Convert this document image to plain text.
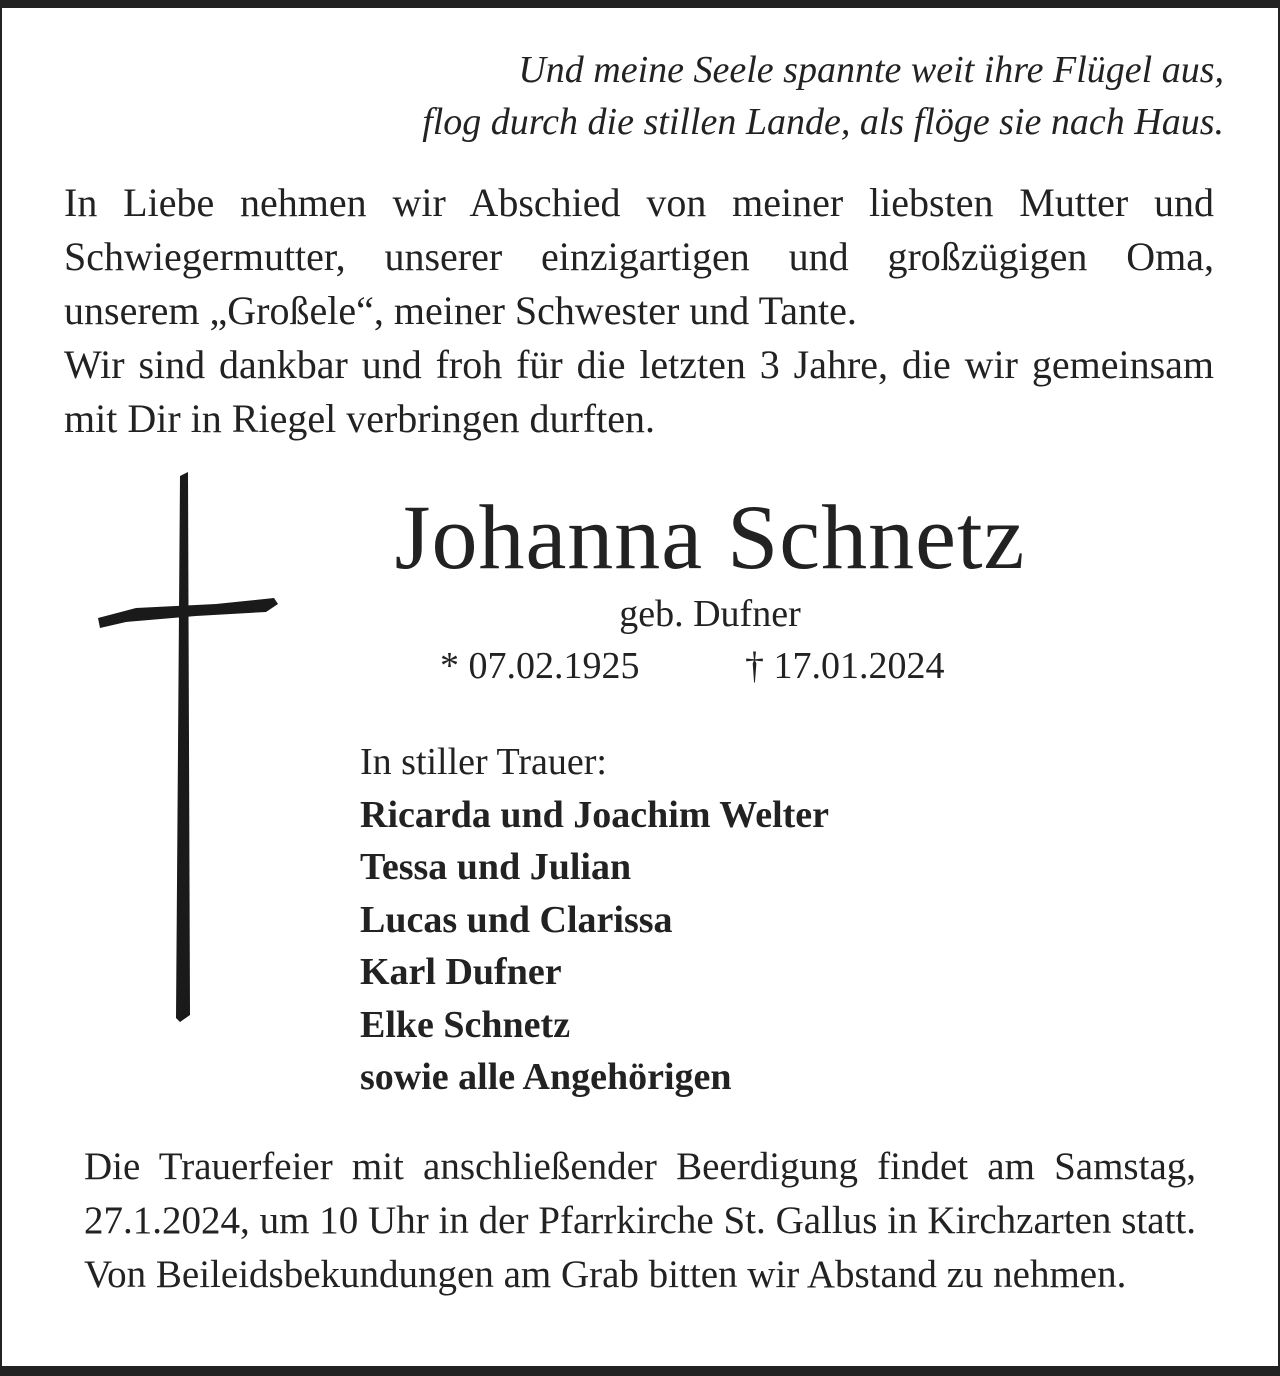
Und meine Seele spannte weit ihre Flügel aus,
flog durch die stillen Lande, als flöge sie nach Haus.

In Liebe nehmen wir Abschied von meiner liebsten Mutter und Schwiegermutter, unserer einzigartigen und großzügigen Oma, unserem „Großele“, meiner Schwester und Tante.

Wir sind dankbar und froh für die letzten 3 Jahre, die wir gemeinsam mit Dir in Riegel verbringen durften.

Johanna Schnetz
geb. Dufner
* 07.02.1925	† 17.01.2024
In stiller Trauer:
Ricarda und Joachim Welter
Tessa und Julian
Lucas und Clarissa
Karl Dufner
Elke Schnetz
sowie alle Angehörigen

Die Trauerfeier mit anschließender Beerdigung findet am Samstag, 27.1.2024, um 10 Uhr in der Pfarrkirche St. Gallus in Kirchzarten statt. Von Beileidsbekundungen am Grab bitten wir Abstand zu nehmen.
